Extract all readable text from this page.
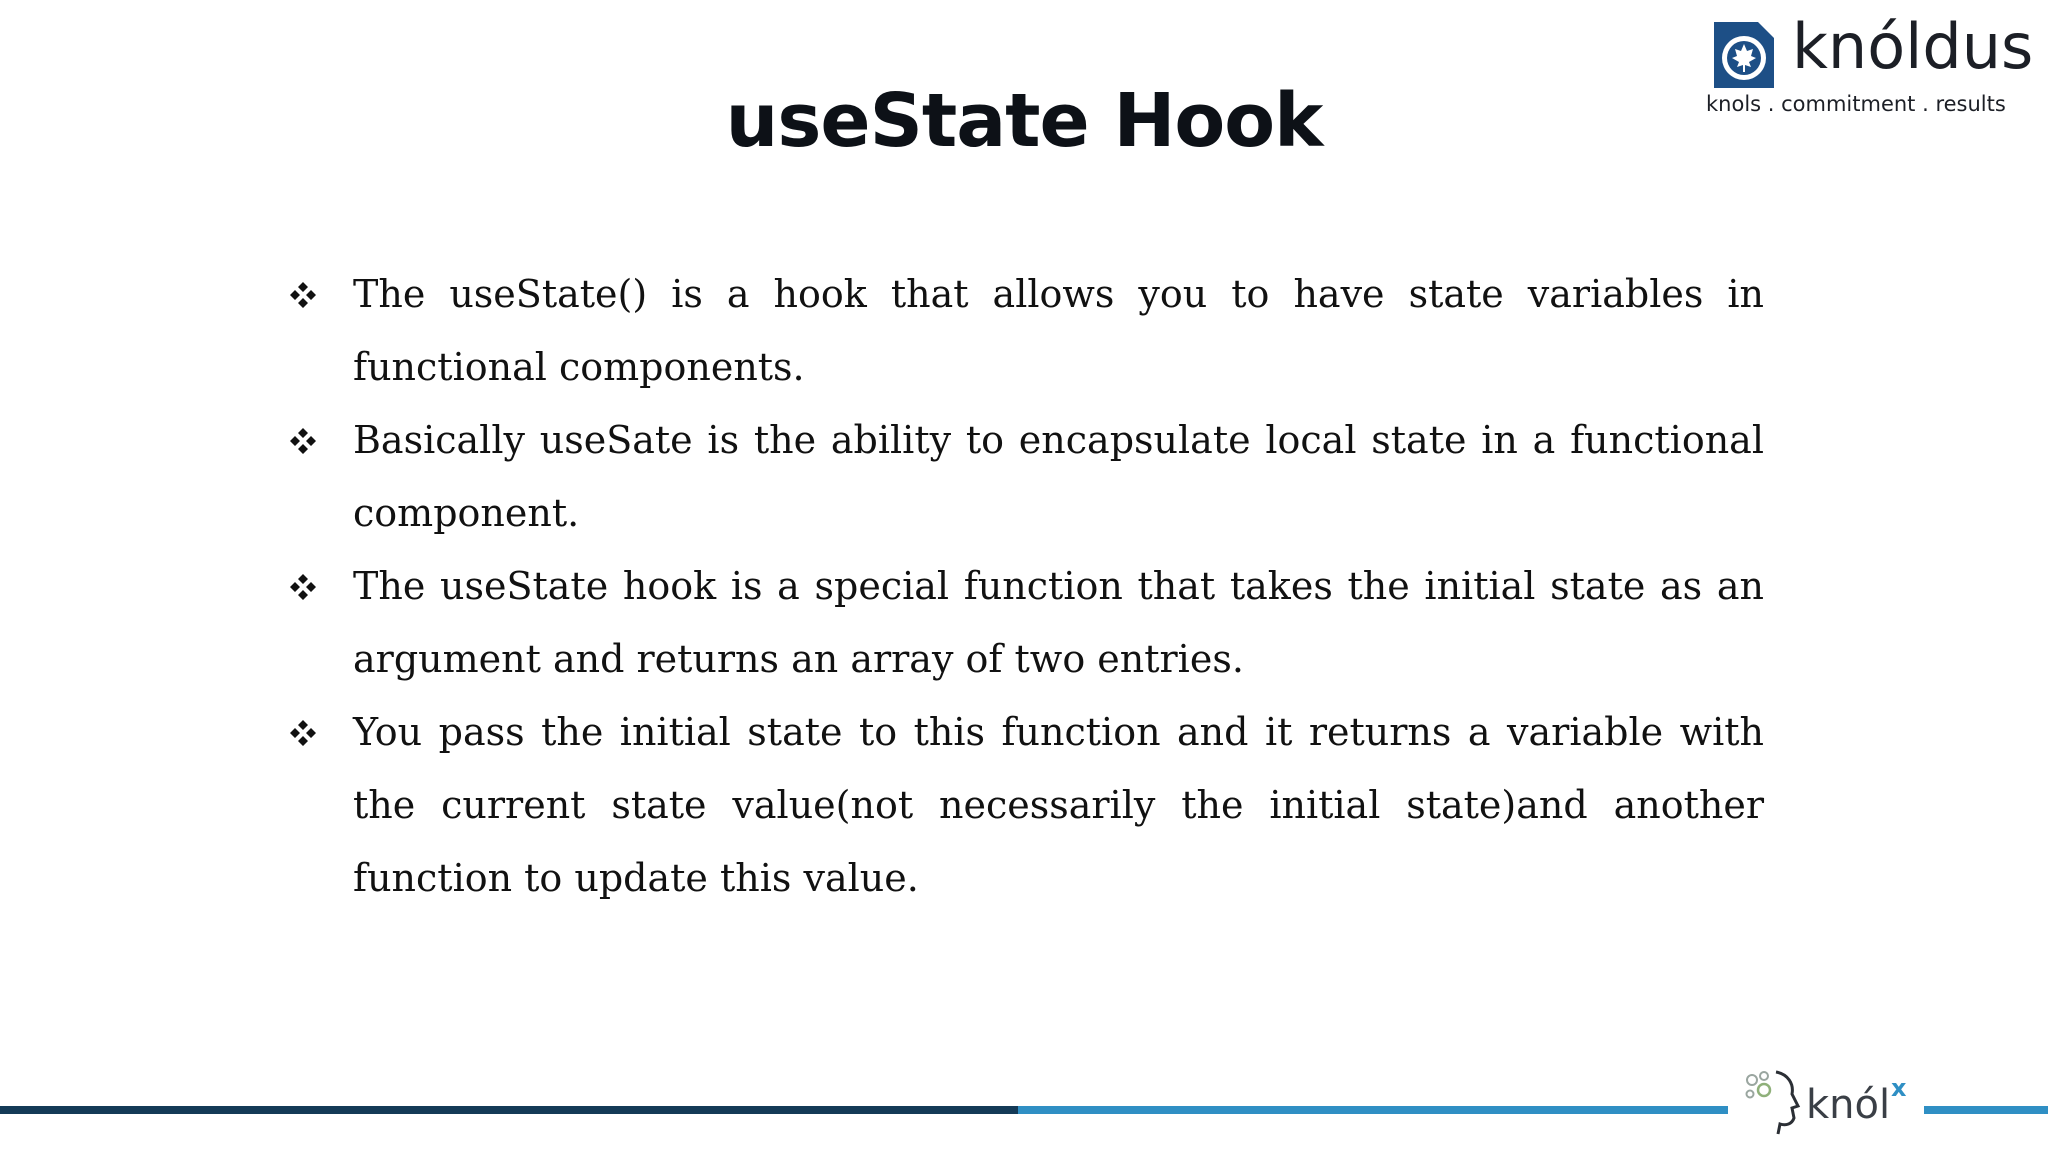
useState Hook
knóldus
knols . commitment . results
The useState() is a hook that allows you to have state variables in functional components.
Basically useSate is the ability to encapsulate local state in a functional component.
The useState hook is a special function that takes the initial state as an argument and returns an array of two entries.
You pass the initial state to this function and it returns a variable with the current state value(not necessarily the initial state)and another function to update this value.
knól x
